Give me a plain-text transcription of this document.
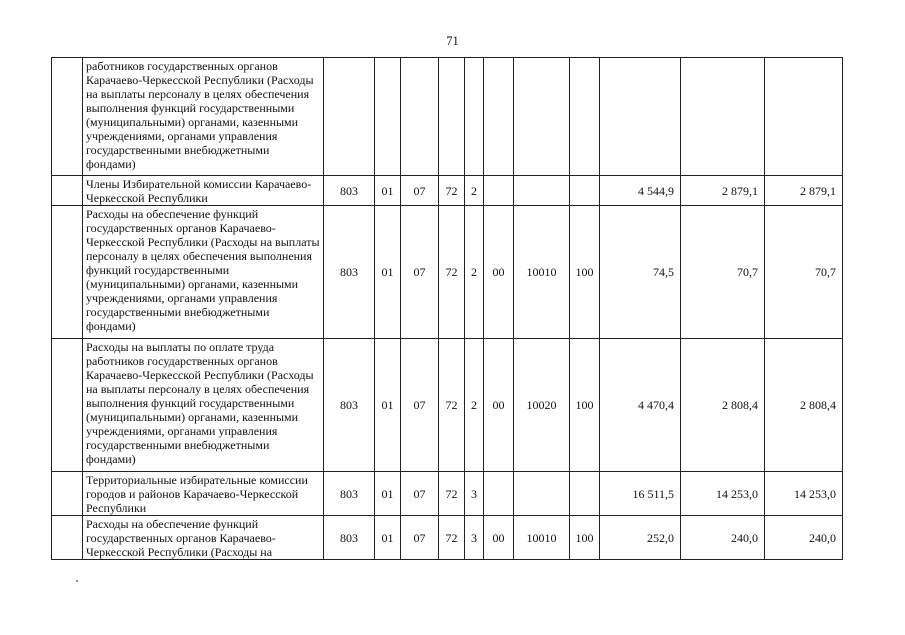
71
	работников государственных органов Карачаево-Черкесской Республики (Расходы на выплаты персоналу в целях обеспечения выполнения функций государственными (муниципальными) органами, казенными учреждениями, органами управления государственными внебюджетными фондами)											
	Члены Избирательной комиссии Карачаево-Черкесской Республики	803	01	07	72	2				4 544,9	2 879,1	2 879,1
	Расходы на обеспечение функций государственных органов Карачаево-Черкесской Республики (Расходы на выплаты персоналу в целях обеспечения выполнения функций государственными (муниципальными) органами, казенными учреждениями, органами управления государственными внебюджетными фондами)	803	01	07	72	2	00	10010	100	74,5	70,7	70,7
	Расходы на выплаты по оплате труда работников государственных органов Карачаево-Черкесской Республики (Расходы на выплаты персоналу в целях обеспечения выполнения функций государственными (муниципальными) органами, казенными учреждениями, органами управления государственными внебюджетными фондами)	803	01	07	72	2	00	10020	100	4 470,4	2 808,4	2 808,4
	Территориальные избирательные комиссии городов и районов Карачаево-Черкесской Республики	803	01	07	72	3				16 511,5	14 253,0	14 253,0
	Расходы на обеспечение функций государственных органов Карачаево-Черкесской Республики (Расходы на	803	01	07	72	3	00	10010	100	252,0	240,0	240,0
